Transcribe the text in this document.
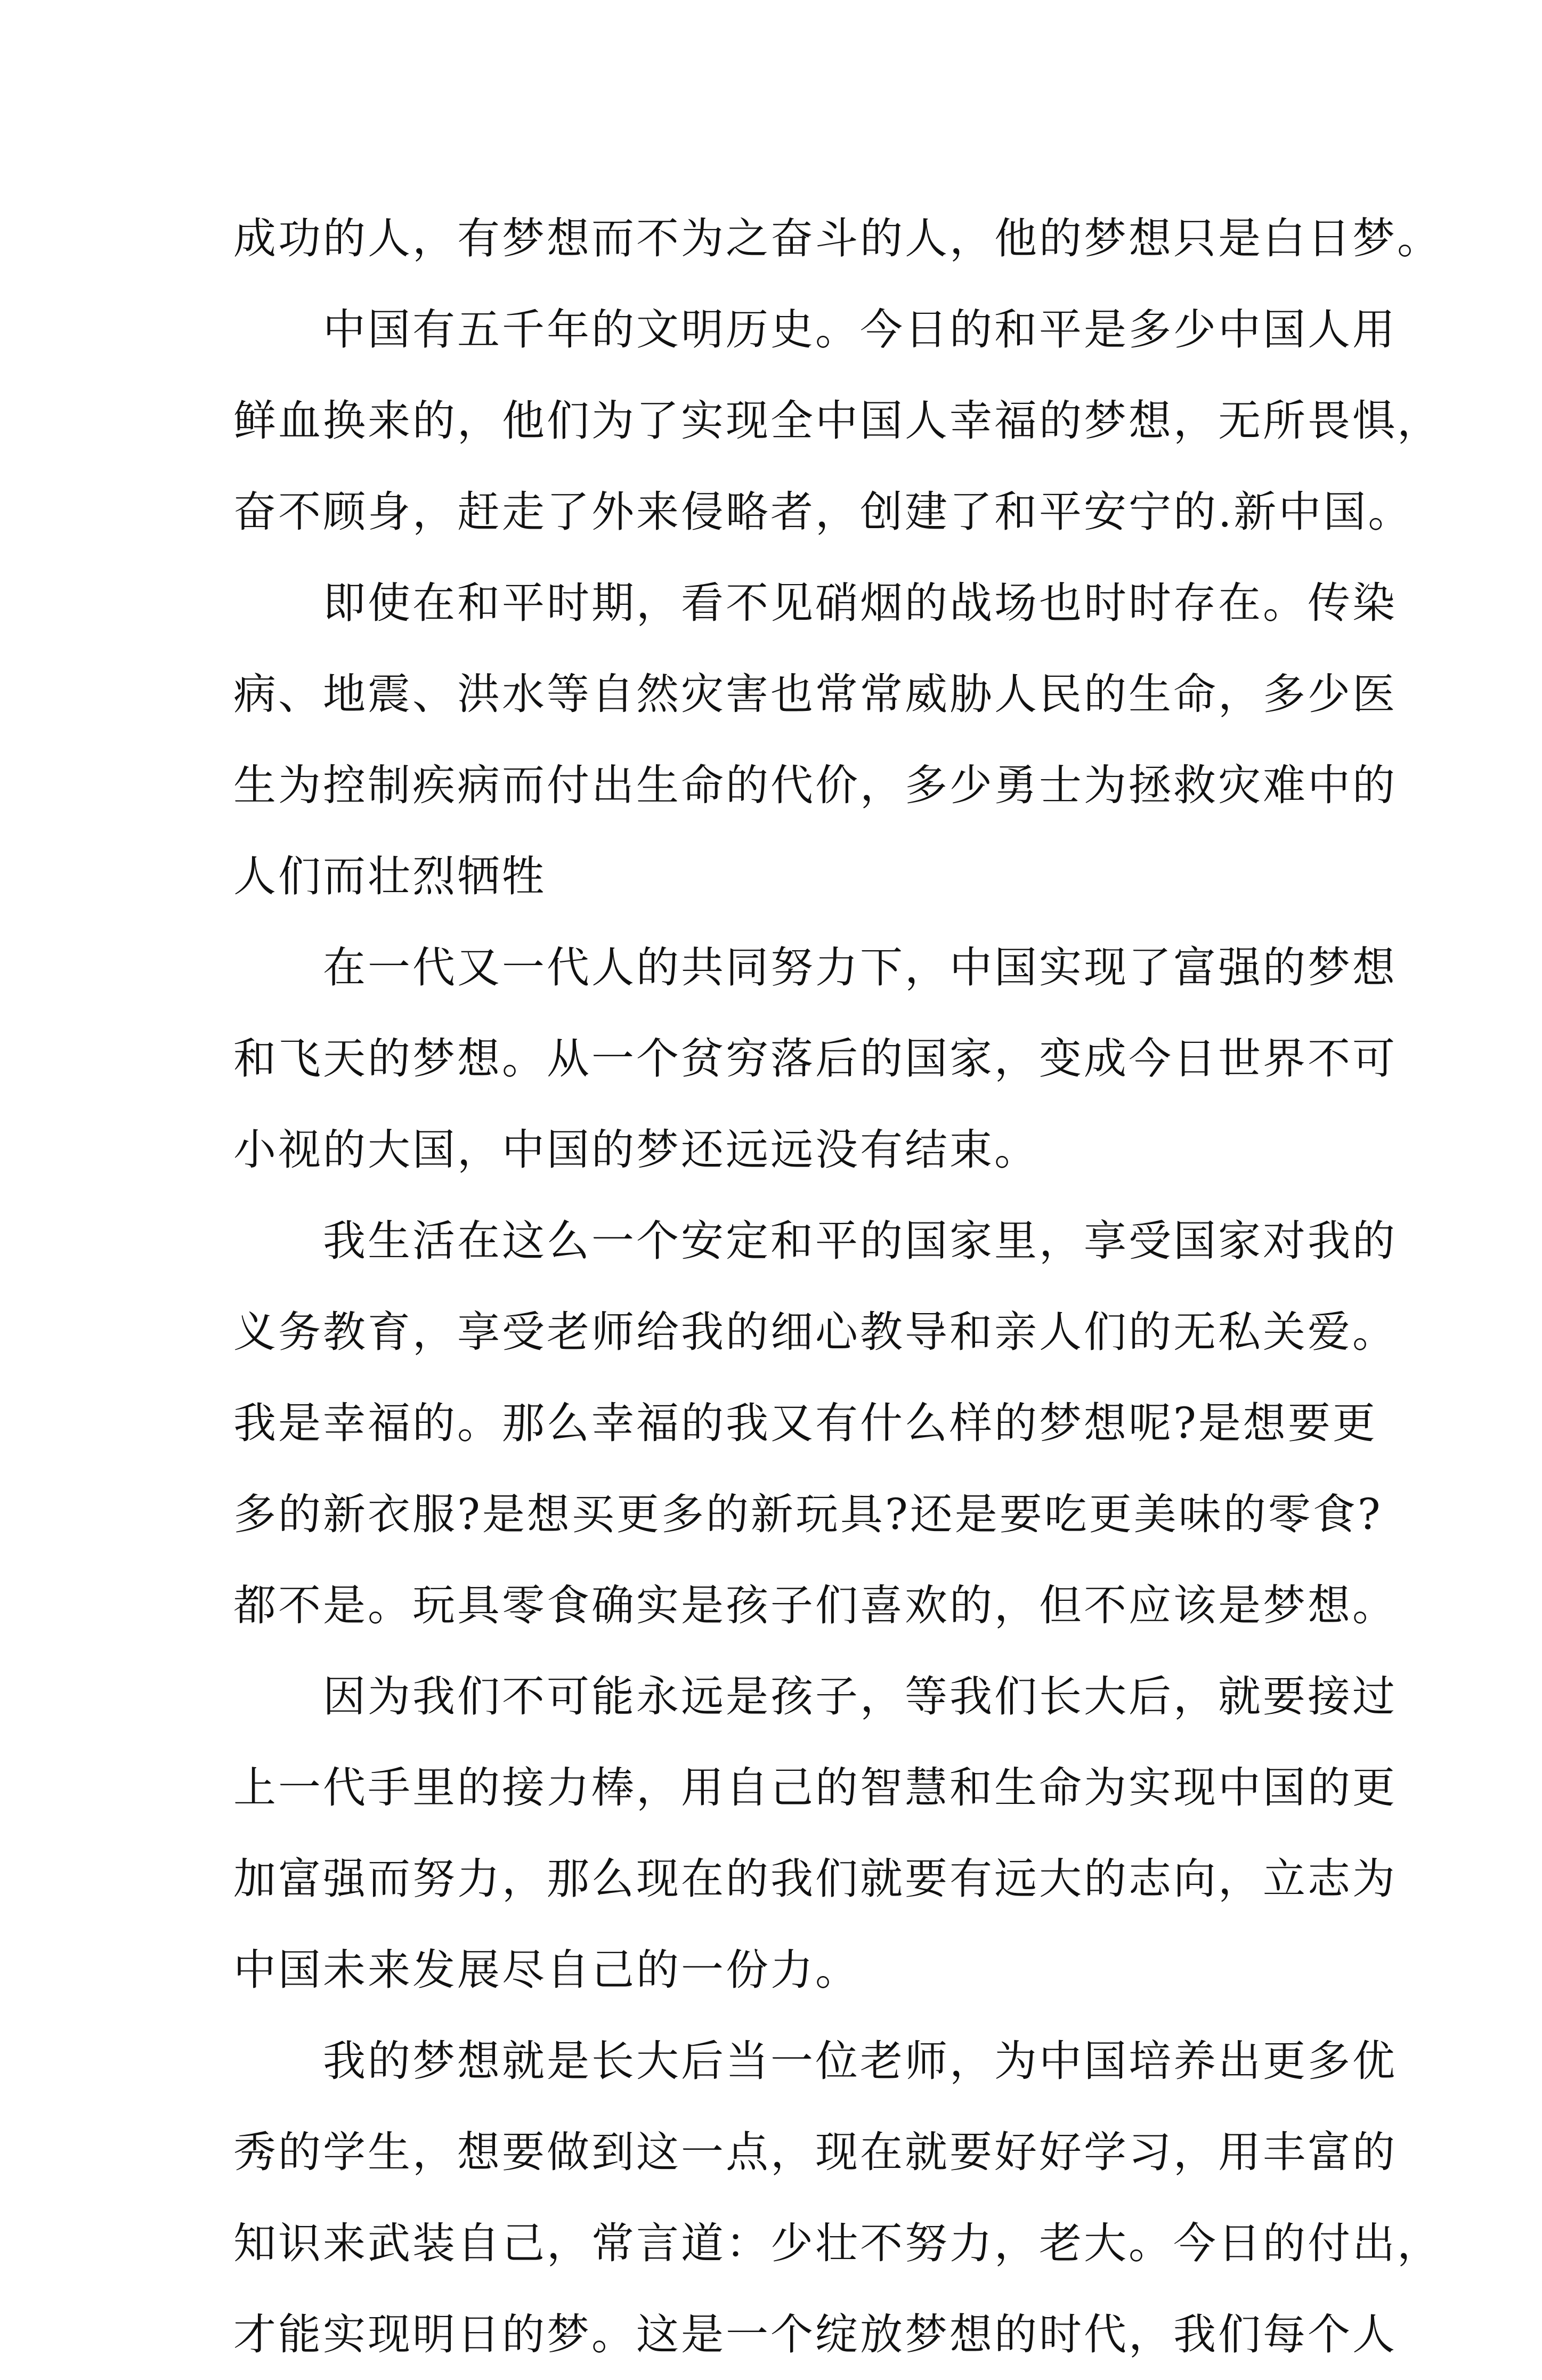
成功的人，有梦想而不为之奋斗的人，他的梦想只是白日梦。
中国有五千年的文明历史。今日的和平是多少中国人用
鲜血换来的，他们为了实现全中国人幸福的梦想，无所畏惧，
奋不顾身，赶走了外来侵略者，创建了和平安宁的.新中国。
即使在和平时期，看不见硝烟的战场也时时存在。传染
病、地震、洪水等自然灾害也常常威胁人民的生命，多少医
生为控制疾病而付出生命的代价，多少勇士为拯救灾难中的
人们而壮烈牺牲
在一代又一代人的共同努力下，中国实现了富强的梦想
和飞天的梦想。从一个贫穷落后的国家，变成今日世界不可
小视的大国，中国的梦还远远没有结束。
我生活在这么一个安定和平的国家里，享受国家对我的
义务教育，享受老师给我的细心教导和亲人们的无私关爱。
我是幸福的。那么幸福的我又有什么样的梦想呢?是想要更
多的新衣服?是想买更多的新玩具?还是要吃更美味的零食?
都不是。玩具零食确实是孩子们喜欢的，但不应该是梦想。
因为我们不可能永远是孩子，等我们长大后，就要接过
上一代手里的接力棒，用自己的智慧和生命为实现中国的更
加富强而努力，那么现在的我们就要有远大的志向，立志为
中国未来发展尽自己的一份力。
我的梦想就是长大后当一位老师，为中国培养出更多优
秀的学生，想要做到这一点，现在就要好好学习，用丰富的
知识来武装自己，常言道：少壮不努力，老大。今日的付出，
才能实现明日的梦。这是一个绽放梦想的时代，我们每个人
